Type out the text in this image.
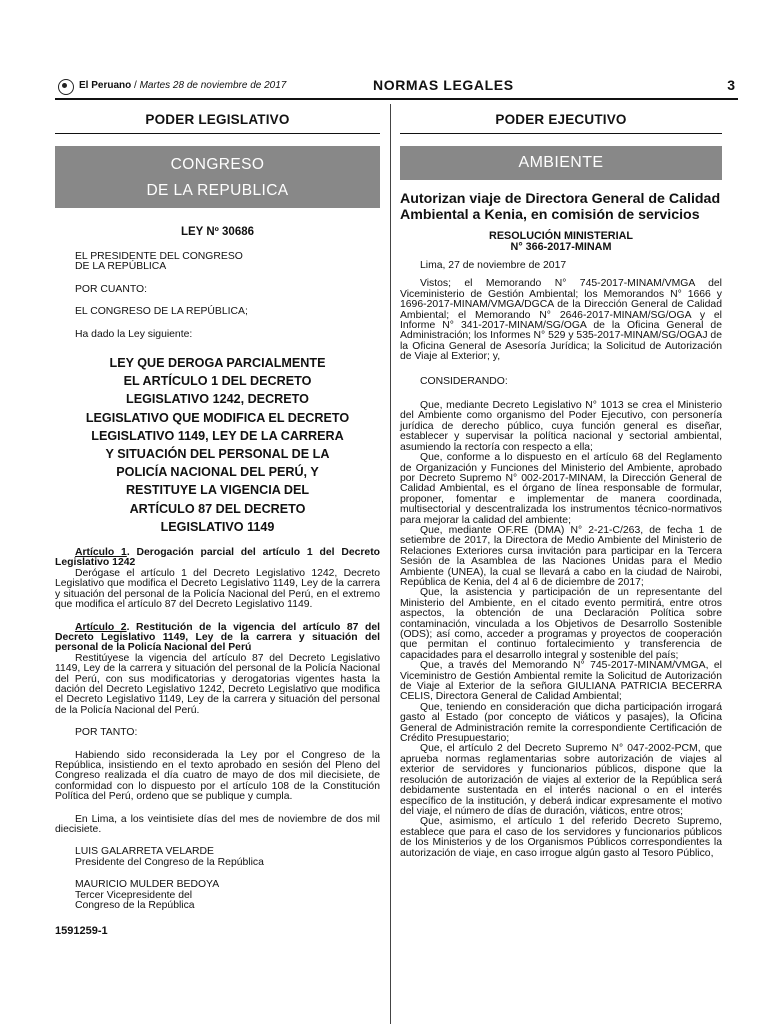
El Peruano / Martes 28 de noviembre de 2017	NORMAS LEGALES	3
PODER LEGISLATIVO
CONGRESO
DE LA REPUBLICA
LEY Nº 30686

EL PRESIDENTE DEL CONGRESO

DE LA REPÚBLICA

POR CUANTO:

EL CONGRESO DE LA REPÚBLICA;

Ha dado la Ley siguiente:

LEY QUE DEROGA PARCIALMENTE
EL ARTÍCULO 1 DEL DECRETO
LEGISLATIVO 1242, DECRETO
LEGISLATIVO QUE MODIFICA EL DECRETO
LEGISLATIVO 1149, LEY DE LA CARRERA
Y SITUACIÓN DEL PERSONAL DE LA
POLICÍA NACIONAL DEL PERÚ, Y
RESTITUYE LA VIGENCIA DEL
ARTÍCULO 87 DEL DECRETO
LEGISLATIVO 1149

Artículo 1. Derogación parcial del artículo 1 del Decreto Legislativo 1242

Derógase el artículo 1 del Decreto Legislativo 1242, Decreto Legislativo que modifica el Decreto Legislativo 1149, Ley de la carrera y situación del personal de la Policía Nacional del Perú, en el extremo que modifica el artículo 87 del Decreto Legislativo 1149.

Artículo 2. Restitución de la vigencia del artículo 87 del Decreto Legislativo 1149, Ley de la carrera y situación del personal de la Policía Nacional del Perú

Restitúyese la vigencia del artículo 87 del Decreto Legislativo 1149, Ley de la carrera y situación del personal de la Policía Nacional del Perú, con sus modificatorias y derogatorias vigentes hasta la dación del Decreto Legislativo 1242, Decreto Legislativo que modifica el Decreto Legislativo 1149, Ley de la carrera y situación del personal de la Policía Nacional del Perú.

POR TANTO:

Habiendo sido reconsiderada la Ley por el Congreso de la República, insistiendo en el texto aprobado en sesión del Pleno del Congreso realizada el día cuatro de mayo de dos mil diecisiete, de conformidad con lo dispuesto por el artículo 108 de la Constitución Política del Perú, ordeno que se publique y cumpla.

En Lima, a los veintisiete días del mes de noviembre de dos mil diecisiete.

LUIS GALARRETA VELARDE

Presidente del Congreso de la República

MAURICIO MULDER BEDOYA

Tercer Vicepresidente del

Congreso de la República

1591259-1
PODER EJECUTIVO
AMBIENTE
Autorizan viaje de Directora General de Calidad Ambiental a Kenia, en comisión de servicios
RESOLUCIÓN MINISTERIAL
N° 366-2017-MINAM

Lima, 27 de noviembre de 2017

Vistos; el Memorando N° 745-2017-MINAM/VMGA del Viceministerio de Gestión Ambiental; los Memorandos N° 1666 y 1696-2017-MINAM/VMGA/DGCA de la Dirección General de Calidad Ambiental; el Memorando N° 2646-2017-MINAM/SG/OGA y el Informe N° 341-2017-MINAM/SG/OGA de la Oficina General de Administración; los Informes N° 529 y 535-2017-MINAM/SG/OGAJ de la Oficina General de Asesoría Jurídica; la Solicitud de Autorización de Viaje al Exterior; y,

CONSIDERANDO:

Que, mediante Decreto Legislativo N° 1013 se crea el Ministerio del Ambiente como organismo del Poder Ejecutivo, con personería jurídica de derecho público, cuya función general es diseñar, establecer y supervisar la política nacional y sectorial ambiental, asumiendo la rectoría con respecto a ella;

Que, conforme a lo dispuesto en el artículo 68 del Reglamento de Organización y Funciones del Ministerio del Ambiente, aprobado por Decreto Supremo N° 002-2017-MINAM, la Dirección General de Calidad Ambiental, es el órgano de línea responsable de formular, proponer, fomentar e implementar de manera coordinada, multisectorial y descentralizada los instrumentos técnico-normativos para mejorar la calidad del ambiente;

Que, mediante OF.RE (DMA) N° 2-21-C/263, de fecha 1 de setiembre de 2017, la Directora de Medio Ambiente del Ministerio de Relaciones Exteriores cursa invitación para participar en la Tercera Sesión de la Asamblea de las Naciones Unidas para el Medio Ambiente (UNEA), la cual se llevará a cabo en la ciudad de Nairobi, República de Kenia, del 4 al 6 de diciembre de 2017;

Que, la asistencia y participación de un representante del Ministerio del Ambiente, en el citado evento permitirá, entre otros aspectos, la obtención de una Declaración Política sobre contaminación, vinculada a los Objetivos de Desarrollo Sostenible (ODS); así como, acceder a programas y proyectos de cooperación que permitan el continuo fortalecimiento y transferencia de capacidades para el desarrollo integral y sostenible del país;

Que, a través del Memorando N° 745-2017-MINAM/VMGA, el Viceministro de Gestión Ambiental remite la Solicitud de Autorización de Viaje al Exterior de la señora GIULIANA PATRICIA BECERRA CELIS, Directora General de Calidad Ambiental;

Que, teniendo en consideración que dicha participación irrogará gasto al Estado (por concepto de viáticos y pasajes), la Oficina General de Administración remite la correspondiente Certificación de Crédito Presupuestario;

Que, el artículo 2 del Decreto Supremo N° 047-2002-PCM, que aprueba normas reglamentarias sobre autorización de viajes al exterior de servidores y funcionarios públicos, dispone que la resolución de autorización de viajes al exterior de la República será debidamente sustentada en el interés nacional o en el interés específico de la institución, y deberá indicar expresamente el motivo del viaje, el número de días de duración, viáticos, entre otros;

Que, asimismo, el artículo 1 del referido Decreto Supremo, establece que para el caso de los servidores y funcionarios públicos de los Ministerios y de los Organismos Públicos correspondientes la autorización de viaje, en caso irrogue algún gasto al Tesoro Público,
